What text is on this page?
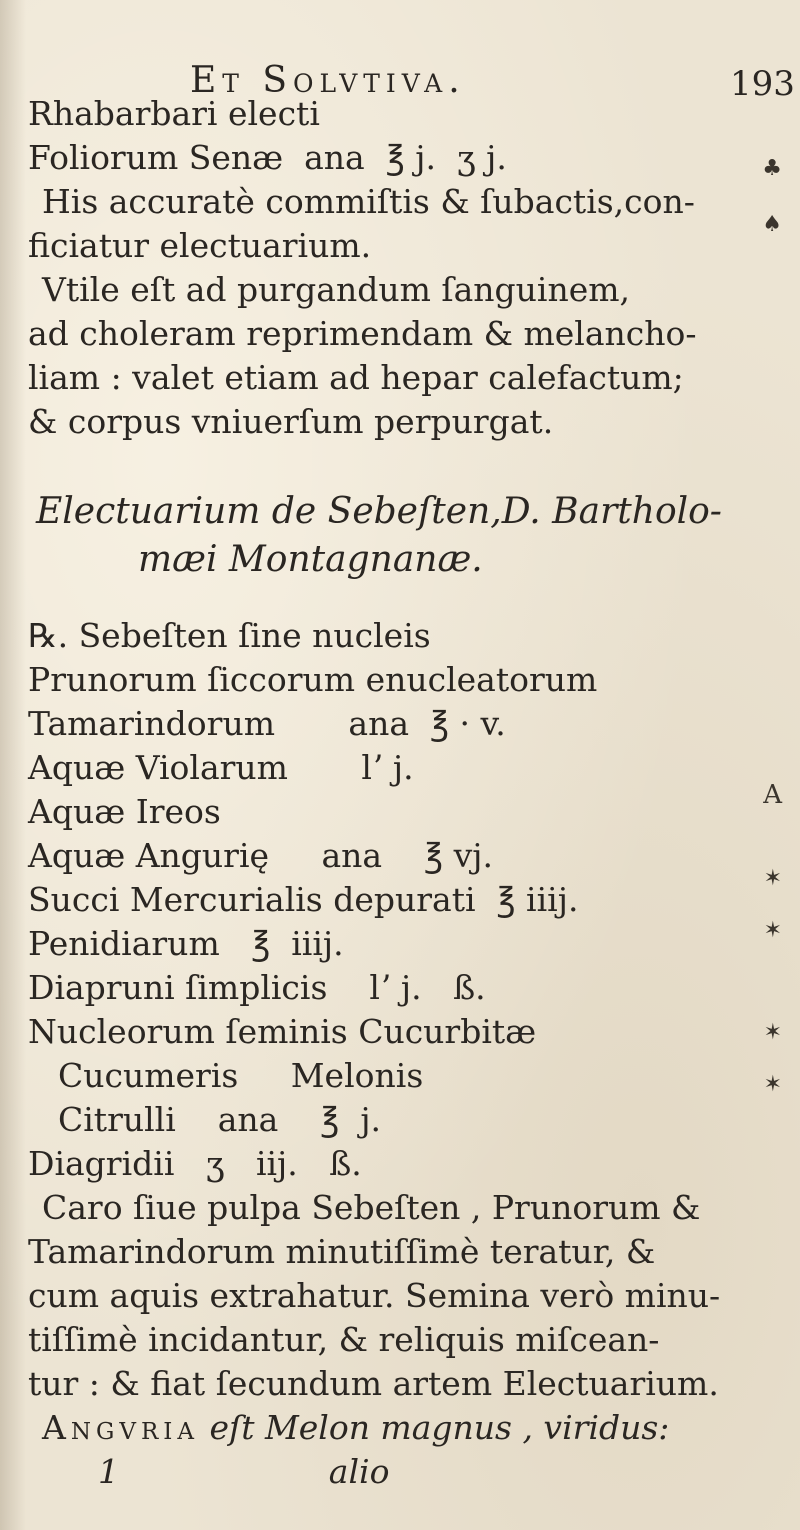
Et Solvtiva.	193
Rhabarbari electi
Foliorum Senæ  ana  ℥ j.  ʒ j.
His accuratè commiſtis & ſubactis,con-
ficiatur electuarium.
Vtile eſt ad purgandum ſanguinem,
ad choleram reprimendam & melancho-
liam : valet etiam ad hepar calefactum;
& corpus vniuerſum perpurgat.
Electuarium de Sebeſten,D. Bartholo-
mæi Montagnanæ.
℞. Sebeſten ſine nucleis
Prunorum ſiccorum enucleatorum
Tamarindorum       ana  ℥ · v.
Aquæ Violarum       lʼ j.
Aquæ Ireos
Aquæ Angurię     ana    ℥ vj.
Succi Mercurialis depurati  ℥ iiij.
Penidiarum   ℥  iiij.
Diapruni ſimplicis    lʼ j.   ß.
Nucleorum ſeminis Cucurbitæ
Cucumeris     Melonis
Citrulli    ana    ℥  j.
Diagridii   ʒ   iij.   ß.
Caro ſiue pulpa Sebeſten , Prunorum &
Tamarindorum minutiſſimè teratur, &
cum aquis extrahatur. Semina verò minu-
tiſſimè incidantur, & reliquis miſcean-
tur : & fiat ſecundum artem Electuarium.
Angvria eſt Melon magnus , viridus:
1                    alio
♣
♠
A
✶
✶
✶
✶
